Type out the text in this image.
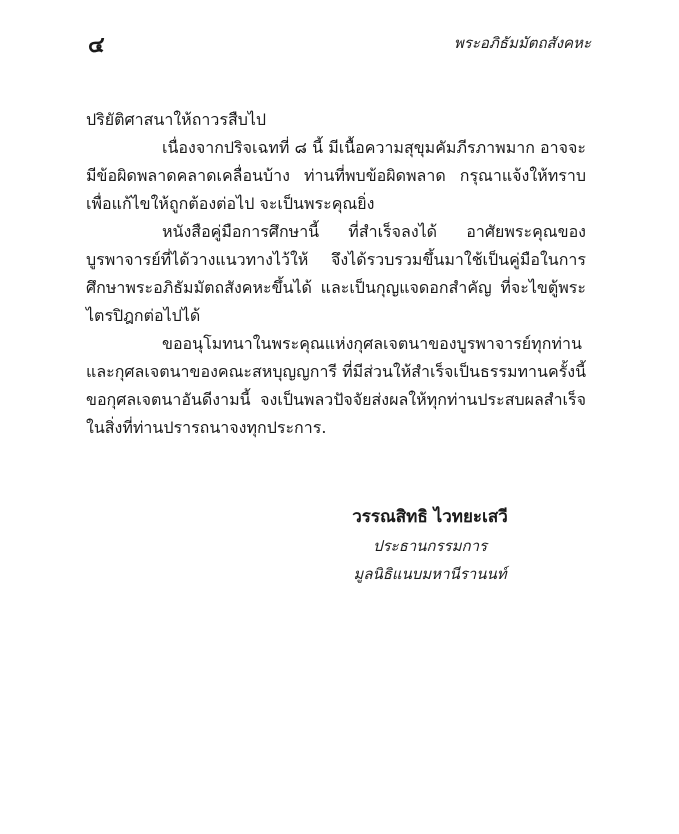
๔	พระอภิธัมมัตถสังคหะ

ปริยัติศาสนาให้ถาวรสืบไป

เนื่องจากปริจเฉทที่ ๘ นี้ มีเนื้อความสุขุมคัมภีรภาพมาก อาจจะมีข้อผิดพลาดคลาดเคลื่อนบ้าง ท่านที่พบข้อผิดพลาด กรุณาแจ้งให้ทราบ เพื่อแก้ไขให้ถูกต้องต่อไป จะเป็นพระคุณยิ่ง

หนังสือคู่มือการศึกษานี้ ที่สำเร็จลงได้ อาศัยพระคุณของบูรพาจารย์ที่ได้วางแนวทางไว้ให้ จึงได้รวบรวมขึ้นมาใช้เป็นคู่มือในการศึกษาพระอภิธัมมัตถสังคหะขึ้นได้ และเป็นกุญแจดอกสำคัญ ที่จะไขตู้พระไตรปิฎกต่อไปได้

ขออนุโมทนาในพระคุณแห่งกุศลเจตนาของบูรพาจารย์ทุกท่าน และกุศลเจตนาของคณะสหบุญญการี ที่มีส่วนให้สำเร็จเป็นธรรมทานครั้งนี้ ขอกุศลเจตนาอันดีงามนี้ จงเป็นพลวปัจจัยส่งผลให้ทุกท่านประสบผลสำเร็จในสิ่งที่ท่านปรารถนาจงทุกประการ.

วรรณสิทธิ ไวทยะเสวี
ประธานกรรมการ
มูลนิธิแนบมหานีรานนท์
